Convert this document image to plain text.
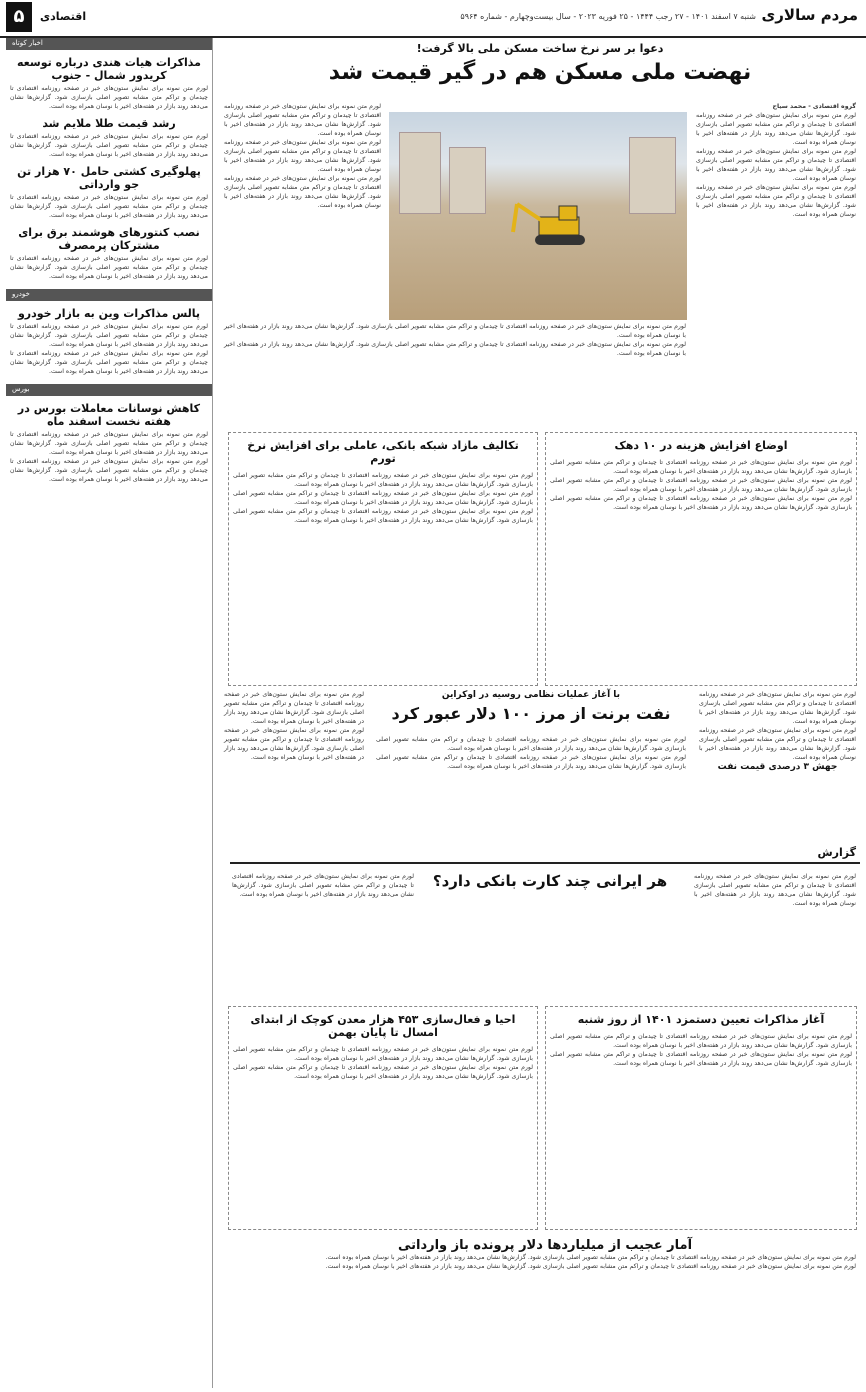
مردم سالاری
شنبه ۷ اسفند ۱۴۰۱ - ۲۷ رجب ۱۴۴۴ - ۲۵ فوریه ۲۰۲۳ - سال بیست‌وچهارم - شماره ۵۹۶۴
اقتصادی
۵
اخبار کوتاه
مذاکرات هیات هندی درباره توسعه کریدور شمال - جنوب
لورم متن نمونه برای نمایش ستون‌های خبر در صفحه روزنامه اقتصادی تا چیدمان و تراکم متن مشابه تصویر اصلی بازسازی شود. گزارش‌ها نشان می‌دهد روند بازار در هفته‌های اخیر با نوسان همراه بوده است.
رشد قیمت طلا ملایم شد
لورم متن نمونه برای نمایش ستون‌های خبر در صفحه روزنامه اقتصادی تا چیدمان و تراکم متن مشابه تصویر اصلی بازسازی شود. گزارش‌ها نشان می‌دهد روند بازار در هفته‌های اخیر با نوسان همراه بوده است.
پهلوگیری کشتی حامل ۷۰ هزار تن جو وارداتی
لورم متن نمونه برای نمایش ستون‌های خبر در صفحه روزنامه اقتصادی تا چیدمان و تراکم متن مشابه تصویر اصلی بازسازی شود. گزارش‌ها نشان می‌دهد روند بازار در هفته‌های اخیر با نوسان همراه بوده است.
نصب کنتورهای هوشمند برق برای مشترکان پرمصرف
لورم متن نمونه برای نمایش ستون‌های خبر در صفحه روزنامه اقتصادی تا چیدمان و تراکم متن مشابه تصویر اصلی بازسازی شود. گزارش‌ها نشان می‌دهد روند بازار در هفته‌های اخیر با نوسان همراه بوده است.
خودرو
پالس مذاکرات وین به بازار خودرو
لورم متن نمونه برای نمایش ستون‌های خبر در صفحه روزنامه اقتصادی تا چیدمان و تراکم متن مشابه تصویر اصلی بازسازی شود. گزارش‌ها نشان می‌دهد روند بازار در هفته‌های اخیر با نوسان همراه بوده است.
لورم متن نمونه برای نمایش ستون‌های خبر در صفحه روزنامه اقتصادی تا چیدمان و تراکم متن مشابه تصویر اصلی بازسازی شود. گزارش‌ها نشان می‌دهد روند بازار در هفته‌های اخیر با نوسان همراه بوده است.
بورس
کاهش نوسانات معاملات بورس در هفته نخست اسفند ماه
لورم متن نمونه برای نمایش ستون‌های خبر در صفحه روزنامه اقتصادی تا چیدمان و تراکم متن مشابه تصویر اصلی بازسازی شود. گزارش‌ها نشان می‌دهد روند بازار در هفته‌های اخیر با نوسان همراه بوده است.
لورم متن نمونه برای نمایش ستون‌های خبر در صفحه روزنامه اقتصادی تا چیدمان و تراکم متن مشابه تصویر اصلی بازسازی شود. گزارش‌ها نشان می‌دهد روند بازار در هفته‌های اخیر با نوسان همراه بوده است.
دعوا بر سر نرخ ساخت مسکن ملی بالا گرفت!
نهضت ملی مسکن هم در گیر قیمت شد
گروه اقتصادی - محمد سیاح
لورم متن نمونه برای نمایش ستون‌های خبر در صفحه روزنامه اقتصادی تا چیدمان و تراکم متن مشابه تصویر اصلی بازسازی شود. گزارش‌ها نشان می‌دهد روند بازار در هفته‌های اخیر با نوسان همراه بوده است.
لورم متن نمونه برای نمایش ستون‌های خبر در صفحه روزنامه اقتصادی تا چیدمان و تراکم متن مشابه تصویر اصلی بازسازی شود. گزارش‌ها نشان می‌دهد روند بازار در هفته‌های اخیر با نوسان همراه بوده است.
لورم متن نمونه برای نمایش ستون‌های خبر در صفحه روزنامه اقتصادی تا چیدمان و تراکم متن مشابه تصویر اصلی بازسازی شود. گزارش‌ها نشان می‌دهد روند بازار در هفته‌های اخیر با نوسان همراه بوده است.
لورم متن نمونه برای نمایش ستون‌های خبر در صفحه روزنامه اقتصادی تا چیدمان و تراکم متن مشابه تصویر اصلی بازسازی شود. گزارش‌ها نشان می‌دهد روند بازار در هفته‌های اخیر با نوسان همراه بوده است.
لورم متن نمونه برای نمایش ستون‌های خبر در صفحه روزنامه اقتصادی تا چیدمان و تراکم متن مشابه تصویر اصلی بازسازی شود. گزارش‌ها نشان می‌دهد روند بازار در هفته‌های اخیر با نوسان همراه بوده است.
لورم متن نمونه برای نمایش ستون‌های خبر در صفحه روزنامه اقتصادی تا چیدمان و تراکم متن مشابه تصویر اصلی بازسازی شود. گزارش‌ها نشان می‌دهد روند بازار در هفته‌های اخیر با نوسان همراه بوده است.
لورم متن نمونه برای نمایش ستون‌های خبر در صفحه روزنامه اقتصادی تا چیدمان و تراکم متن مشابه تصویر اصلی بازسازی شود. گزارش‌ها نشان می‌دهد روند بازار در هفته‌های اخیر با نوسان همراه بوده است.
لورم متن نمونه برای نمایش ستون‌های خبر در صفحه روزنامه اقتصادی تا چیدمان و تراکم متن مشابه تصویر اصلی بازسازی شود. گزارش‌ها نشان می‌دهد روند بازار در هفته‌های اخیر با نوسان همراه بوده است.
اوضاع افزایش هزینه در ۱۰ دهک
لورم متن نمونه برای نمایش ستون‌های خبر در صفحه روزنامه اقتصادی تا چیدمان و تراکم متن مشابه تصویر اصلی بازسازی شود. گزارش‌ها نشان می‌دهد روند بازار در هفته‌های اخیر با نوسان همراه بوده است.
لورم متن نمونه برای نمایش ستون‌های خبر در صفحه روزنامه اقتصادی تا چیدمان و تراکم متن مشابه تصویر اصلی بازسازی شود. گزارش‌ها نشان می‌دهد روند بازار در هفته‌های اخیر با نوسان همراه بوده است.
لورم متن نمونه برای نمایش ستون‌های خبر در صفحه روزنامه اقتصادی تا چیدمان و تراکم متن مشابه تصویر اصلی بازسازی شود. گزارش‌ها نشان می‌دهد روند بازار در هفته‌های اخیر با نوسان همراه بوده است.
تکالیف مازاد شبکه بانکی، عاملی برای افزایش نرخ تورم
لورم متن نمونه برای نمایش ستون‌های خبر در صفحه روزنامه اقتصادی تا چیدمان و تراکم متن مشابه تصویر اصلی بازسازی شود. گزارش‌ها نشان می‌دهد روند بازار در هفته‌های اخیر با نوسان همراه بوده است.
لورم متن نمونه برای نمایش ستون‌های خبر در صفحه روزنامه اقتصادی تا چیدمان و تراکم متن مشابه تصویر اصلی بازسازی شود. گزارش‌ها نشان می‌دهد روند بازار در هفته‌های اخیر با نوسان همراه بوده است.
لورم متن نمونه برای نمایش ستون‌های خبر در صفحه روزنامه اقتصادی تا چیدمان و تراکم متن مشابه تصویر اصلی بازسازی شود. گزارش‌ها نشان می‌دهد روند بازار در هفته‌های اخیر با نوسان همراه بوده است.
با آغاز عملیات نظامی روسیه در اوکراین
نفت برنت از مرز ۱۰۰ دلار عبور کرد
لورم متن نمونه برای نمایش ستون‌های خبر در صفحه روزنامه اقتصادی تا چیدمان و تراکم متن مشابه تصویر اصلی بازسازی شود. گزارش‌ها نشان می‌دهد روند بازار در هفته‌های اخیر با نوسان همراه بوده است.
لورم متن نمونه برای نمایش ستون‌های خبر در صفحه روزنامه اقتصادی تا چیدمان و تراکم متن مشابه تصویر اصلی بازسازی شود. گزارش‌ها نشان می‌دهد روند بازار در هفته‌های اخیر با نوسان همراه بوده است.
جهش ۳ درصدی قیمت نفت
لورم متن نمونه برای نمایش ستون‌های خبر در صفحه روزنامه اقتصادی تا چیدمان و تراکم متن مشابه تصویر اصلی بازسازی شود. گزارش‌ها نشان می‌دهد روند بازار در هفته‌های اخیر با نوسان همراه بوده است.
لورم متن نمونه برای نمایش ستون‌های خبر در صفحه روزنامه اقتصادی تا چیدمان و تراکم متن مشابه تصویر اصلی بازسازی شود. گزارش‌ها نشان می‌دهد روند بازار در هفته‌های اخیر با نوسان همراه بوده است.
لورم متن نمونه برای نمایش ستون‌های خبر در صفحه روزنامه اقتصادی تا چیدمان و تراکم متن مشابه تصویر اصلی بازسازی شود. گزارش‌ها نشان می‌دهد روند بازار در هفته‌های اخیر با نوسان همراه بوده است.
لورم متن نمونه برای نمایش ستون‌های خبر در صفحه روزنامه اقتصادی تا چیدمان و تراکم متن مشابه تصویر اصلی بازسازی شود. گزارش‌ها نشان می‌دهد روند بازار در هفته‌های اخیر با نوسان همراه بوده است.
گزارش
هر ایرانی چند کارت بانکی دارد؟	لورم متن نمونه برای نمایش ستون‌های خبر در صفحه روزنامه اقتصادی تا چیدمان و تراکم متن مشابه تصویر اصلی بازسازی شود. گزارش‌ها نشان می‌دهد روند بازار در هفته‌های اخیر با نوسان همراه بوده است.
لورم متن نمونه برای نمایش ستون‌های خبر در صفحه روزنامه اقتصادی تا چیدمان و تراکم متن مشابه تصویر اصلی بازسازی شود. گزارش‌ها نشان می‌دهد روند بازار در هفته‌های اخیر با نوسان همراه بوده است.
آغاز مذاکرات تعیین دستمزد ۱۴۰۱ از روز شنبه
لورم متن نمونه برای نمایش ستون‌های خبر در صفحه روزنامه اقتصادی تا چیدمان و تراکم متن مشابه تصویر اصلی بازسازی شود. گزارش‌ها نشان می‌دهد روند بازار در هفته‌های اخیر با نوسان همراه بوده است.
لورم متن نمونه برای نمایش ستون‌های خبر در صفحه روزنامه اقتصادی تا چیدمان و تراکم متن مشابه تصویر اصلی بازسازی شود. گزارش‌ها نشان می‌دهد روند بازار در هفته‌های اخیر با نوسان همراه بوده است.
احیا و فعال‌سازی ۴۵۳ هزار معدن کوچک از ابتدای امسال تا پایان بهمن
لورم متن نمونه برای نمایش ستون‌های خبر در صفحه روزنامه اقتصادی تا چیدمان و تراکم متن مشابه تصویر اصلی بازسازی شود. گزارش‌ها نشان می‌دهد روند بازار در هفته‌های اخیر با نوسان همراه بوده است.
لورم متن نمونه برای نمایش ستون‌های خبر در صفحه روزنامه اقتصادی تا چیدمان و تراکم متن مشابه تصویر اصلی بازسازی شود. گزارش‌ها نشان می‌دهد روند بازار در هفته‌های اخیر با نوسان همراه بوده است.
آمار عجیب از میلیاردها دلار پرونده باز وارداتی
لورم متن نمونه برای نمایش ستون‌های خبر در صفحه روزنامه اقتصادی تا چیدمان و تراکم متن مشابه تصویر اصلی بازسازی شود. گزارش‌ها نشان می‌دهد روند بازار در هفته‌های اخیر با نوسان همراه بوده است.
لورم متن نمونه برای نمایش ستون‌های خبر در صفحه روزنامه اقتصادی تا چیدمان و تراکم متن مشابه تصویر اصلی بازسازی شود. گزارش‌ها نشان می‌دهد روند بازار در هفته‌های اخیر با نوسان همراه بوده است.
